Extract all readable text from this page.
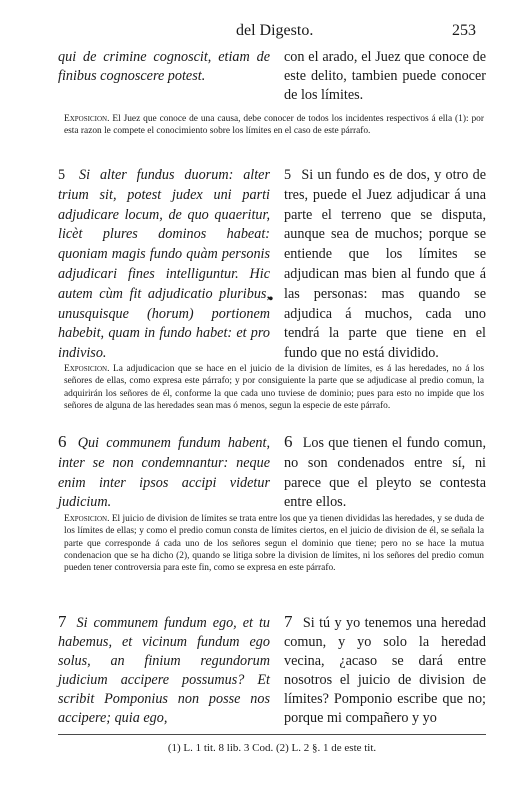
del Digesto.	253
qui de crimine cognoscit, etiam de finibus cognoscere potest.
con el arado, el Juez que conoce de este delito, tambien puede conocer de los límites.
Exposicion. El Juez que conoce de una causa, debe conocer de todos los incidentes respectivos á ella (1): por esta razon le compete el conocimiento sobre los límites en el caso de este párrafo.
5 Si alter fundus duorum: alter trium sit, potest judex uni parti adjudicare locum, de quo quaeritur, licèt plures dominos habeat: quoniam magis fundo quàm personis adjudicari fines intelliguntur. Hic autem cùm fit adjudicatio pluribus, unusquisque (horum) portionem habebit, quam in fundo habet: et pro indiviso.
5 Si un fundo es de dos, y otro de tres, puede el Juez adjudicar á una parte el terreno que se disputa, aunque sea de muchos; porque se entiende que los límites se adjudican mas bien al fundo que á las personas: mas quando se adjudica á muchos, cada uno tendrá la parte que tiene en el fundo que no está dividido.
•
Exposicion. La adjudicacion que se hace en el juicio de la division de límites, es á las heredades, no á los señores de ellas, como expresa este párrafo; y por consiguiente la parte que se adjudicase al predio comun, la adquirirán los señores de él, conforme la que cada uno tuviese de dominio; pues para esto no impide que los señores de alguna de las heredades sean mas ó menos, segun la especie de este párrafo.
6 Qui communem fundum habent, inter se non condemnantur: neque enim inter ipsos accipi videtur judicium.
6 Los que tienen el fundo comun, no son condenados entre sí, ni parece que el pleyto se contesta entre ellos.
Exposicion. El juicio de division de límites se trata entre los que ya tienen divididas las heredades, y se duda de los límites de ellas; y como el predio comun consta de límites ciertos, en el juicio de division de él, se señala la parte que corresponde á cada uno de los señores segun el dominio que tiene; pero no se hace la mutua condenacion que se ha dicho (2), quando se litiga sobre la division de límites, ni los señores del predio comun pueden tener controversia para este fin, como se expresa en este párrafo.
7 Si communem fundum ego, et tu habemus, et vicinum fundum ego solus, an finium regundorum judicium accipere possumus? Et scribit Pomponius non posse nos accipere; quia ego,
7 Si tú y yo tenemos una heredad comun, y yo solo la heredad vecina, ¿acaso se dará entre nosotros el juicio de division de límites? Pomponio escribe que no; porque mi compañero y yo
(1) L. 1 tit. 8 lib. 3 Cod. (2) L. 2 §. 1 de este tit.
